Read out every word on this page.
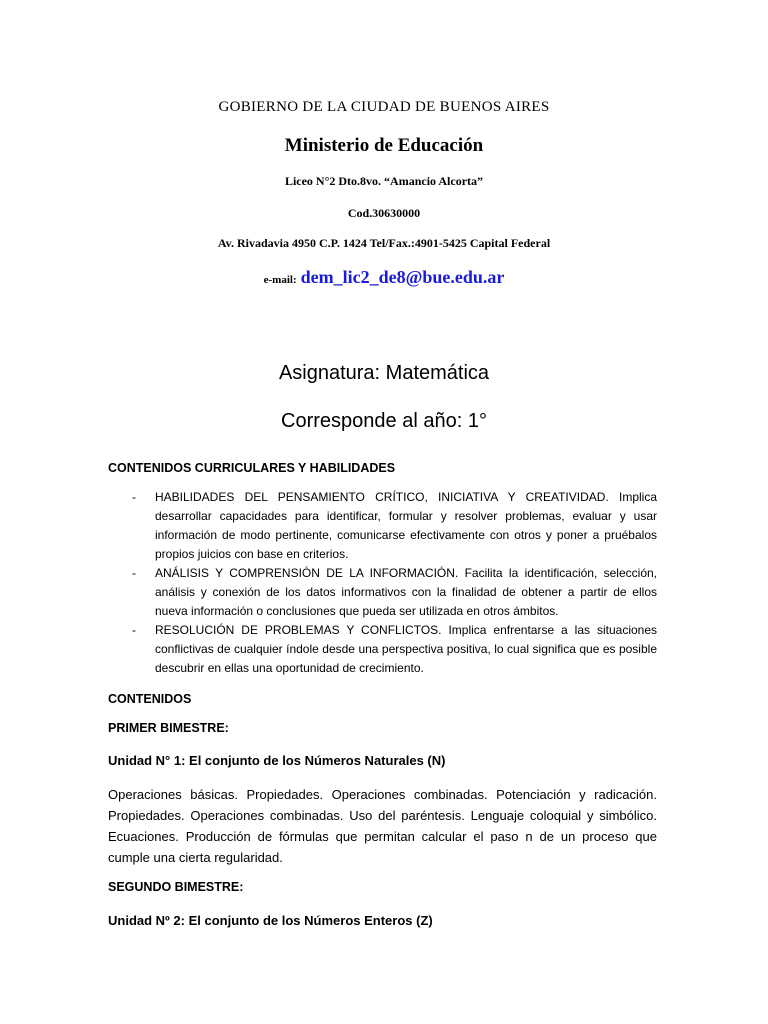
GOBIERNO DE LA CIUDAD DE BUENOS AIRES
Ministerio de Educación
Liceo N°2 Dto.8vo. “Amancio Alcorta”
Cod.30630000
Av. Rivadavia 4950 C.P. 1424 Tel/Fax.:4901-5425 Capital Federal
e-mail: dem_lic2_de8@bue.edu.ar
Asignatura: Matemática
Corresponde al año: 1°
CONTENIDOS CURRICULARES Y HABILIDADES
- HABILIDADES DEL PENSAMIENTO CRÍTICO, INICIATIVA Y CREATIVIDAD. Implica desarrollar capacidades para identificar, formular y resolver problemas, evaluar y usar información de modo pertinente, comunicarse efectivamente con otros y poner a pruébalos propios juicios con base en criterios.
- ANÁLISIS Y COMPRENSIÓN DE LA INFORMACIÓN. Facilita la identificación, selección, análisis y conexión de los datos informativos con la finalidad de obtener a partir de ellos nueva información o conclusiones que pueda ser utilizada en otros ámbitos.
- RESOLUCIÓN DE PROBLEMAS Y CONFLICTOS. Implica enfrentarse a las situaciones conflictivas de cualquier índole desde una perspectiva positiva, lo cual significa que es posible descubrir en ellas una oportunidad de crecimiento.
CONTENIDOS
PRIMER BIMESTRE:
Unidad N° 1: El conjunto de los Números Naturales (N)
Operaciones básicas. Propiedades. Operaciones combinadas. Potenciación y radicación. Propiedades. Operaciones combinadas. Uso del paréntesis. Lenguaje coloquial y simbólico. Ecuaciones. Producción de fórmulas que permitan calcular el paso n de un proceso que cumple una cierta regularidad.
SEGUNDO BIMESTRE:
Unidad Nº 2: El conjunto de los Números Enteros (Z)
